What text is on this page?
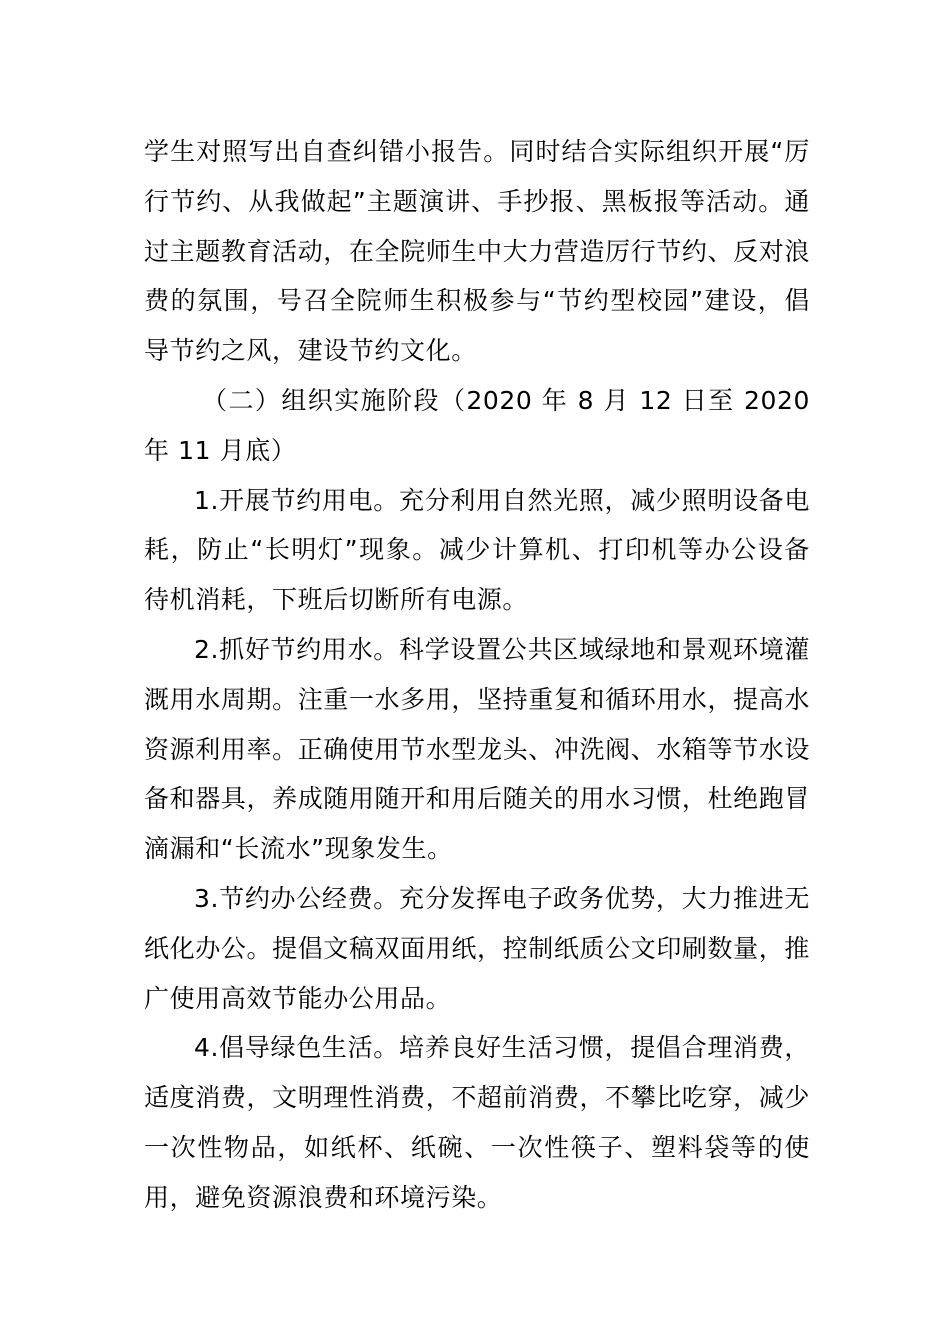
学生对照写出自查纠错小报告。同时结合实际组织开展“厉行节约、从我做起”主题演讲、手抄报、黑板报等活动。通过主题教育活动，在全院师生中大力营造厉行节约、反对浪费的氛围，号召全院师生积极参与“节约型校园”建设，倡导节约之风，建设节约文化。

（二）组织实施阶段（2020 年 8 月 12 日至 2020 年 11 月底）

1.开展节约用电。充分利用自然光照，减少照明设备电耗，防止“长明灯”现象。减少计算机、打印机等办公设备待机消耗，下班后切断所有电源。

2.抓好节约用水。科学设置公共区域绿地和景观环境灌溉用水周期。注重一水多用，坚持重复和循环用水，提高水资源利用率。正确使用节水型龙头、冲洗阀、水箱等节水设备和器具，养成随用随开和用后随关的用水习惯，杜绝跑冒滴漏和“长流水”现象发生。

3.节约办公经费。充分发挥电子政务优势，大力推进无纸化办公。提倡文稿双面用纸，控制纸质公文印刷数量，推广使用高效节能办公用品。

4.倡导绿色生活。培养良好生活习惯，提倡合理消费，适度消费，文明理性消费，不超前消费，不攀比吃穿，减少一次性物品，如纸杯、纸碗、一次性筷子、塑料袋等的使用，避免资源浪费和环境污染。
